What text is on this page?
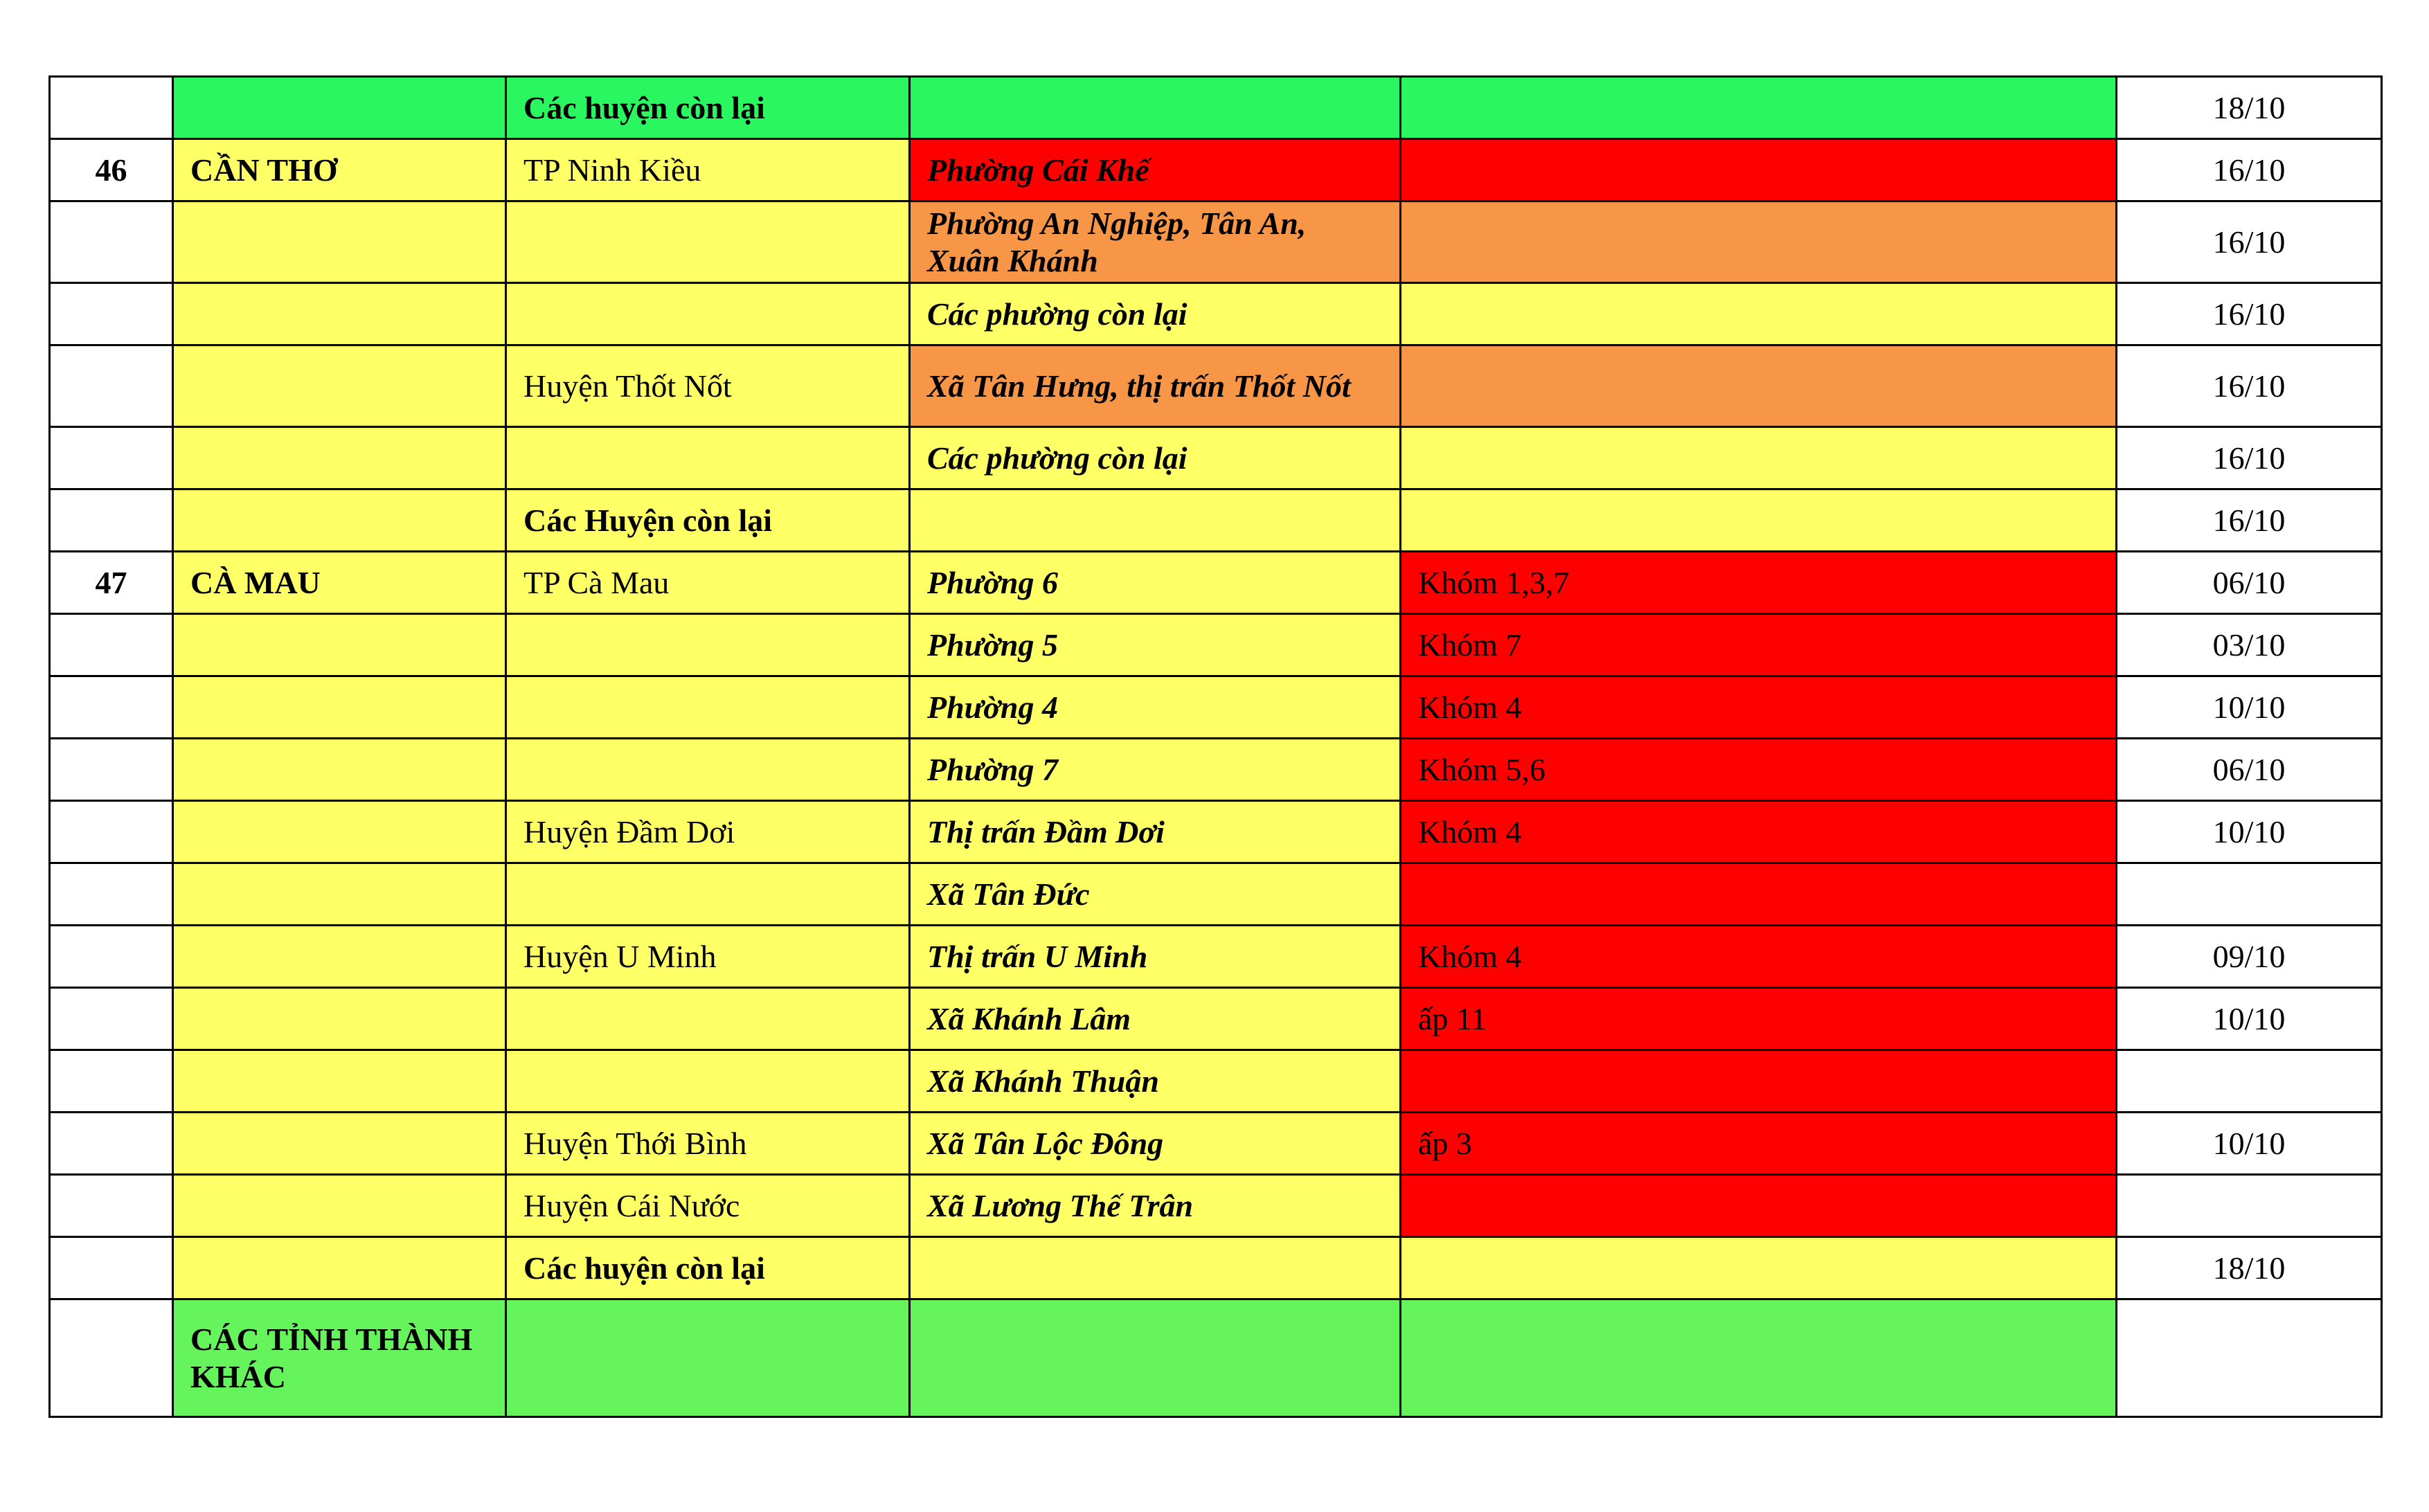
		Các huyện còn lại			18/10
46	CẦN THƠ	TP Ninh Kiều	Phường Cái Khế		16/10
			Phường An Nghiệp, Tân An, Xuân Khánh		16/10
			Các phường còn lại		16/10
		Huyện Thốt Nốt	Xã Tân Hưng, thị trấn Thốt Nốt		16/10
			Các phường còn lại		16/10
		Các Huyện còn lại			16/10
47	CÀ MAU	TP Cà Mau	Phường 6	Khóm 1,3,7	06/10
			Phường 5	Khóm 7	03/10
			Phường 4	Khóm 4	10/10
			Phường 7	Khóm 5,6	06/10
		Huyện Đầm Dơi	Thị trấn Đầm Dơi	Khóm 4	10/10
			Xã Tân Đức		
		Huyện U Minh	Thị trấn U Minh	Khóm 4	09/10
			Xã Khánh Lâm	ấp 11	10/10
			Xã Khánh Thuận		
		Huyện Thới Bình	Xã Tân Lộc Đông	ấp 3	10/10
		Huyện Cái Nước	Xã Lương Thế Trân		
		Các huyện còn lại			18/10
	CÁC TỈNH THÀNH KHÁC				
